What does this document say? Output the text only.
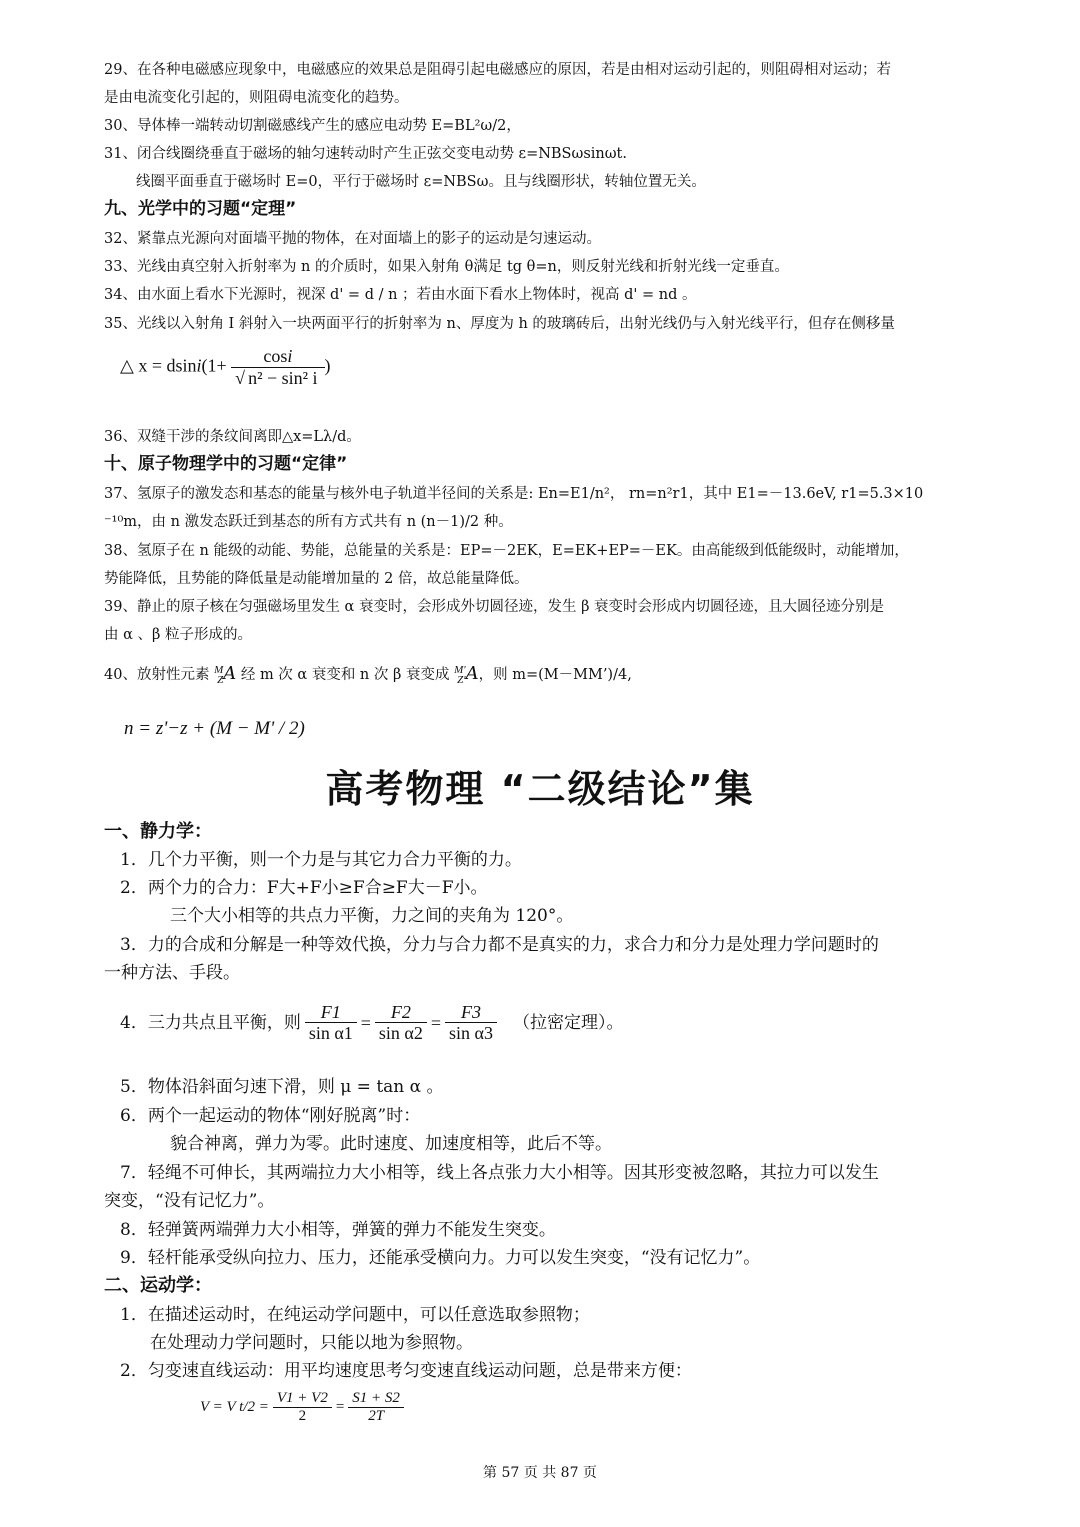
29、在各种电磁感应现象中，电磁感应的效果总是阻碍引起电磁感应的原因，若是由相对运动引起的，则阻碍相对运动；若
是由电流变化引起的，则阻碍电流变化的趋势。
30、导体棒一端转动切割磁感线产生的感应电动势 E=BL²ω/2，
31、闭合线圈绕垂直于磁场的轴匀速转动时产生正弦交变电动势 ε=NBSωsinωt.
线圈平面垂直于磁场时 E=0，平行于磁场时 ε=NBSω。且与线圈形状，转轴位置无关。
九、光学中的习题“定理”
32、紧靠点光源向对面墙平抛的物体，在对面墙上的影子的运动是匀速运动。
33、光线由真空射入折射率为 n 的介质时，如果入射角 θ满足 tg θ=n，则反射光线和折射光线一定垂直。
34、由水面上看水下光源时，视深 d' = d / n ；若由水面下看水上物体时，视高 d' = nd 。
35、光线以入射角 I 斜射入一块两面平行的折射率为 n、厚度为 h 的玻璃砖后，出射光线仍与入射光线平行，但存在侧移量
△ $x = dsini(1+ \frac{\cos i}{\text{√ n² − sin² i}}$ )
36、双缝干涉的条纹间离即△x=Lλ/d。
十、原子物理学中的习题“定律”
37、氢原子的激发态和基态的能量与核外电子轨道半径间的关系是: En=E1/n²， rn=n²r1，其中 E1=－13.6eV, r1=5.3×10
⁻¹⁰m，由 n 激发态跃迁到基态的所有方式共有 n (n－1)/2 种。
38、氢原子在 n 能级的动能、势能，总能量的关系是：EP=－2EK，E=EK+EP=－EK。由高能级到低能级时，动能增加，
势能降低，且势能的降低量是动能增加量的 2 倍，故总能量降低。
39、静止的原子核在匀强磁场里发生 α 衰变时，会形成外切圆径迹，发生 β 衰变时会形成内切圆径迹，且大圆径迹分别是
由 α 、β 粒子形成的。
40、放射性元素 M
ZA 经 m 次 α 衰变和 n 次 β 衰变成 M'
Z'A，则 m=(M－MM’)/4,
n = z'−z + (M − M' / 2)
高考物理 “二级结论”集
一、静力学：
1．几个力平衡，则一个力是与其它力合力平衡的力。
2．两个力的合力：F大+F小≥F合≥F大－F小。
三个大小相等的共点力平衡，力之间的夹角为 120°。
3．力的合成和分解是一种等效代换，分力与合力都不是真实的力，求合力和分力是处理力学问题时的
一种方法、手段。
4．三力共点且平衡，则 $\frac{F1}{\text{sin α1}} = \frac{F2}{\text{sin α2}} = \frac{F3}{\text{sin α3}}$ （拉密定理）。
5．物体沿斜面匀速下滑，则 μ = tan α 。
6．两个一起运动的物体“刚好脱离”时：
貌合神离，弹力为零。此时速度、加速度相等，此后不等。
7．轻绳不可伸长，其两端拉力大小相等，线上各点张力大小相等。因其形变被忽略，其拉力可以发生
突变，“没有记忆力”。
8．轻弹簧两端弹力大小相等，弹簧的弹力不能发生突变。
9．轻杆能承受纵向拉力、压力，还能承受横向力。力可以发生突变，“没有记忆力”。
二、运动学：
1．在描述运动时，在纯运动学问题中，可以任意选取参照物；
在处理动力学问题时，只能以地为参照物。
2．匀变速直线运动：用平均速度思考匀变速直线运动问题，总是带来方便：
V = V $t/2 = \frac{V1 + V2}{2} = \frac{S1 + S2}{2T}$
第 57 页 共 87 页
